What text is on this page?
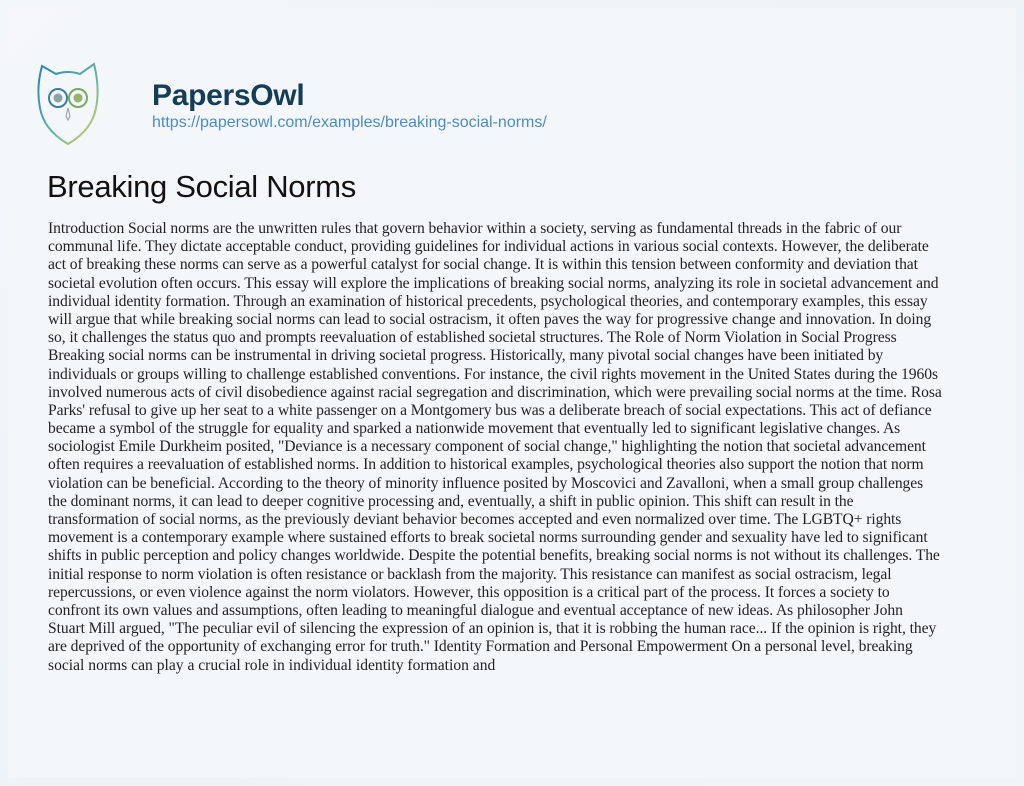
PapersOwl
https://papersowl.com/examples/breaking-social-norms/
Breaking Social Norms
Introduction Social norms are the unwritten rules that govern behavior within a society, serving as fundamental threads in the fabric of our
communal life. They dictate acceptable conduct, providing guidelines for individual actions in various social contexts. However, the deliberate
act of breaking these norms can serve as a powerful catalyst for social change. It is within this tension between conformity and deviation that
societal evolution often occurs. This essay will explore the implications of breaking social norms, analyzing its role in societal advancement and
individual identity formation. Through an examination of historical precedents, psychological theories, and contemporary examples, this essay
will argue that while breaking social norms can lead to social ostracism, it often paves the way for progressive change and innovation. In doing
so, it challenges the status quo and prompts reevaluation of established societal structures. The Role of Norm Violation in Social Progress
Breaking social norms can be instrumental in driving societal progress. Historically, many pivotal social changes have been initiated by
individuals or groups willing to challenge established conventions. For instance, the civil rights movement in the United States during the 1960s
involved numerous acts of civil disobedience against racial segregation and discrimination, which were prevailing social norms at the time. Rosa
Parks' refusal to give up her seat to a white passenger on a Montgomery bus was a deliberate breach of social expectations. This act of defiance
became a symbol of the struggle for equality and sparked a nationwide movement that eventually led to significant legislative changes. As
sociologist Emile Durkheim posited, "Deviance is a necessary component of social change," highlighting the notion that societal advancement
often requires a reevaluation of established norms. In addition to historical examples, psychological theories also support the notion that norm
violation can be beneficial. According to the theory of minority influence posited by Moscovici and Zavalloni, when a small group challenges
the dominant norms, it can lead to deeper cognitive processing and, eventually, a shift in public opinion. This shift can result in the
transformation of social norms, as the previously deviant behavior becomes accepted and even normalized over time. The LGBTQ+ rights
movement is a contemporary example where sustained efforts to break societal norms surrounding gender and sexuality have led to significant
shifts in public perception and policy changes worldwide. Despite the potential benefits, breaking social norms is not without its challenges. The
initial response to norm violation is often resistance or backlash from the majority. This resistance can manifest as social ostracism, legal
repercussions, or even violence against the norm violators. However, this opposition is a critical part of the process. It forces a society to
confront its own values and assumptions, often leading to meaningful dialogue and eventual acceptance of new ideas. As philosopher John
Stuart Mill argued, "The peculiar evil of silencing the expression of an opinion is, that it is robbing the human race... If the opinion is right, they
are deprived of the opportunity of exchanging error for truth." Identity Formation and Personal Empowerment On a personal level, breaking
social norms can play a crucial role in individual identity formation and
